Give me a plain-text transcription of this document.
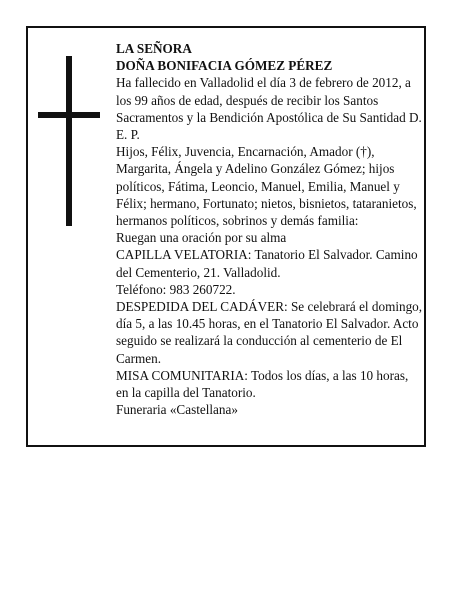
LA SEÑORA

DOÑA BONIFACIA GÓMEZ PÉREZ

Ha fallecido en Valladolid el día 3 de febrero de 2012, a los 99 años de edad, después de recibir los Santos Sacramentos y la Bendición Apostólica de Su Santidad D. E. P.

Hijos, Félix, Juvencia, Encarnación, Amador (†), Margarita, Ángela y Adelino González Gómez; hijos políticos, Fátima, Leoncio, Manuel, Emilia, Manuel y Félix; hermano, Fortunato; nietos, bisnietos, tataranietos, hermanos políticos, sobrinos y demás familia:

Ruegan una oración por su alma

CAPILLA VELATORIA: Tanatorio El Salvador. Camino del Cementerio, 21. Valladolid.

Teléfono: 983 260722.

DESPEDIDA DEL CADÁVER: Se celebrará el domingo, día 5, a las 10.45 horas, en el Tanatorio El Salvador. Acto seguido se realizará la conducción al cementerio de El Carmen.

MISA COMUNITARIA: Todos los días, a las 10 horas, en la capilla del Tanatorio.

Funeraria «Castellana»
